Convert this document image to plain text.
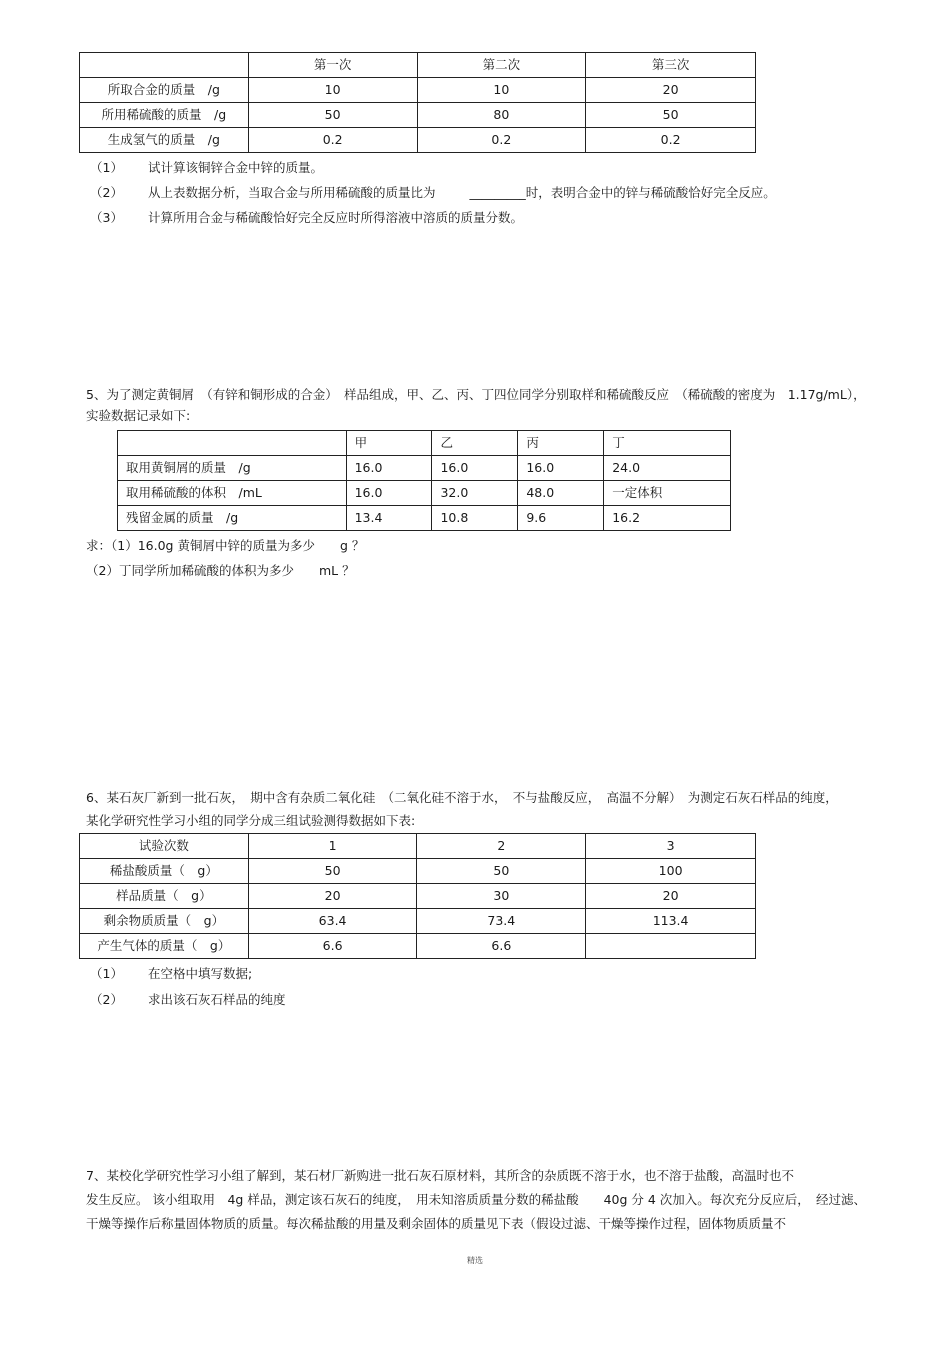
	第一次	第二次	第三次
所取合金的质量　/g	10	10	20
所用稀硫酸的质量　/g	50	80	50
生成氢气的质量　/g	0.2	0.2	0.2
（1） 试计算该铜锌合金中锌的质量。
（2） 从上表数据分析，当取合金与所用稀硫酸的质量比为	_________时，表明合金中的锌与稀硫酸恰好完全反应。
（3） 计算所用合金与稀硫酸恰好完全反应时所得溶液中溶质的质量分数。
5、为了测定黄铜屑　（有锌和铜形成的合金）　样品组成，甲、乙、丙、丁四位同学分别取样和稀硫酸反应　（稀硫酸的密度为　1.17g/mL），
实验数据记录如下:
	甲	乙	丙	丁
取用黄铜屑的质量　/g	16.0	16.0	16.0	24.0
取用稀硫酸的体积　/mL	16.0	32.0	48.0	一定体积
残留金属的质量　/g	13.4	10.8	9.6	16.2
求：（1）16.0g 黄铜屑中锌的质量为多少　　g ？
（2）丁同学所加稀硫酸的体积为多少　　mL ？
6、某石灰厂新到一批石灰，　期中含有杂质二氧化硅　（二氧化硅不溶于水，　不与盐酸反应，　高温不分解）　为测定石灰石样品的纯度，
某化学研究性学习小组的同学分成三组试验测得数据如下表:
试验次数	1	2	3
稀盐酸质量（　g）	50	50	100
样品质量（　g）	20	30	20
剩余物质质量（　g）	63.4	73.4	113.4
产生气体的质量（　g）	6.6	6.6	
（1） 在空格中填写数据;
（2） 求出该石灰石样品的纯度
7、某校化学研究性学习小组了解到，某石材厂新购进一批石灰石原材料，其所含的杂质既不溶于水，也不溶于盐酸，高温时也不
发生反应。 该小组取用　4g 样品，测定该石灰石的纯度，　用未知溶质质量分数的稀盐酸　　40g 分 4 次加入。每次充分反应后，　经过滤、
干燥等操作后称量固体物质的质量。每次稀盐酸的用量及剩余固体的质量见下表（假设过滤、干燥等操作过程，固体物质质量不
精选
